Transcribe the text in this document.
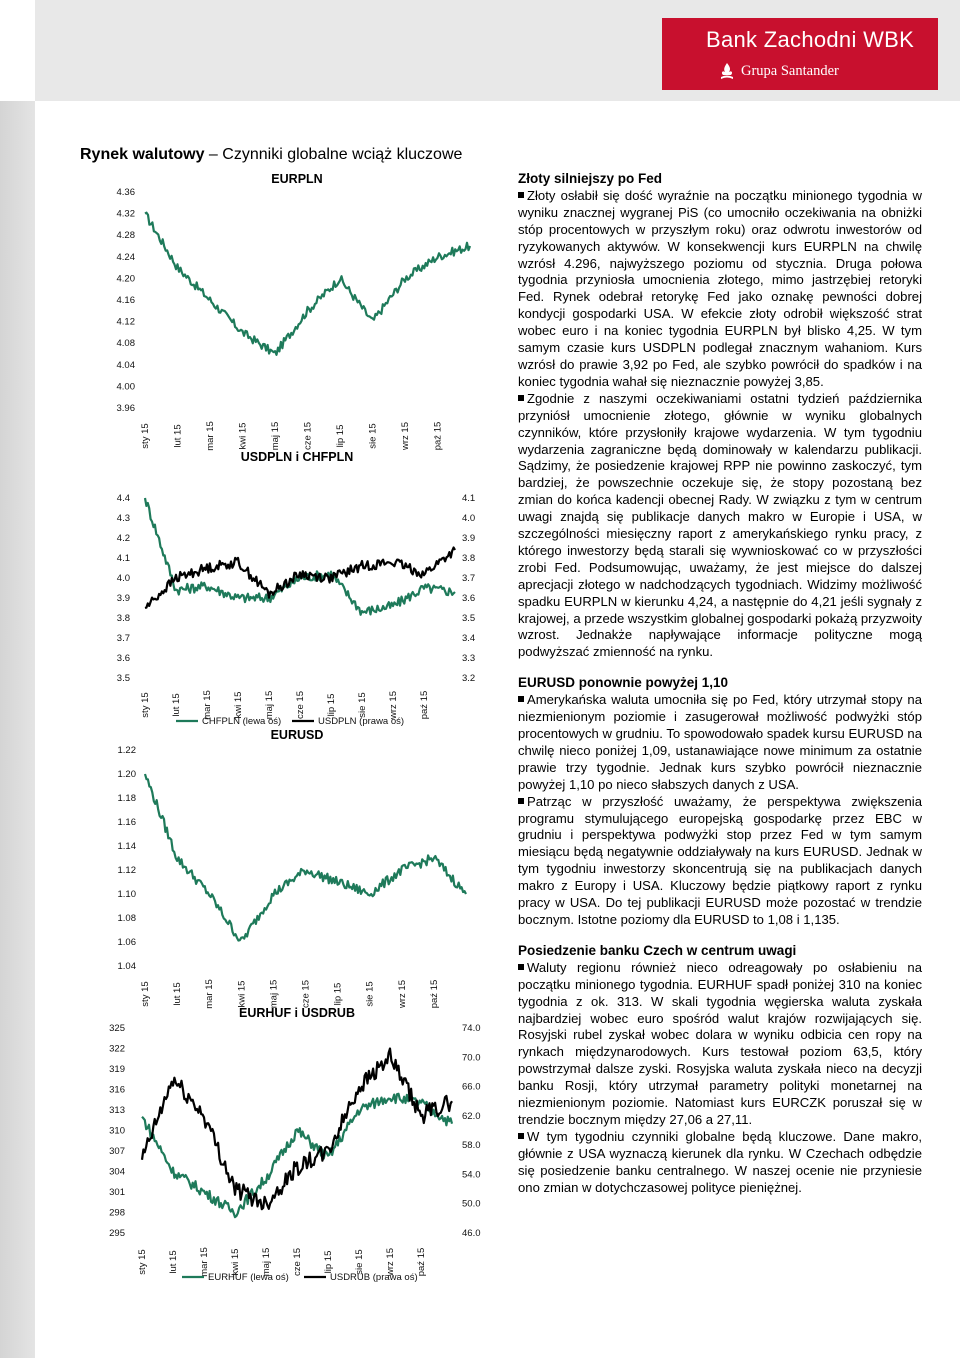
Bank Zachodni WBK
Grupa Santander
Rynek walutowy – Czynniki globalne wciąż kluczowe
EURPLN
4.36
4.32
4.28
4.24
4.20
4.16
4.12
4.08
4.04
4.00
3.96
sty 15 lut 15 mar 15 kwi 15 maj 15 cze 15 lip 15 sie 15 wrz 15 paź 15
USDPLN i CHFPLN
4.4
4.3
4.2
4.1
4.0
3.9
3.8
3.7
3.6
3.5
4.1
4.0
3.9
3.8
3.7
3.6
3.5
3.4
3.3
3.2
sty 15 lut 15 mar 15 kwi 15 maj 15 cze 15 lip 15 sie 15 wrz 15 paź 15
CHFPLN (lewa oś)	USDPLN (prawa oś)
EURUSD
1.22
1.20
1.18
1.16
1.14
1.12
1.10
1.08
1.06
1.04
sty 15 lut 15 mar 15 kwi 15 maj 15 cze 15 lip 15 sie 15 wrz 15 paź 15
EURHUF i USDRUB
325
322
319
316
313
310
307
304
301
298
295
74.0
70.0
66.0
62.0
58.0
54.0
50.0
46.0
sty 15 lut 15 mar 15 kwi 15 maj 15 cze 15 lip 15 sie 15 wrz 15 paź 15
EURHUF (lewa oś)	USDRUB (prawa oś)
Złoty silniejszy po Fed

Złoty osłabił się dość wyraźnie na początku minionego tygodnia w wyniku znacznej wygranej PiS (co umocniło oczekiwania na obniżki stóp procentowych w przyszłym roku) oraz odwrotu inwestorów od ryzykowanych aktywów. W konsekwencji kurs EURPLN na chwilę wzrósł 4.296, najwyższego poziomu od stycznia. Druga połowa tygodnia przyniosła umocnienia złotego, mimo jastrzębiej retoryki Fed. Rynek odebrał retorykę Fed jako oznakę pewności dobrej kondycji gospodarki USA. W efekcie złoty odrobił większość strat wobec euro i na koniec tygodnia EURPLN był blisko 4,25. W tym samym czasie kurs USDPLN podlegał znacznym wahaniom. Kurs wzrósł do prawie 3,92 po Fed, ale szybko powrócił do spadków i na koniec tygodnia wahał się nieznacznie powyżej 3,85.

Zgodnie z naszymi oczekiwaniami ostatni tydzień października przyniósł umocnienie złotego, głównie w wyniku globalnych czynników, które przysłoniły krajowe wydarzenia. W tym tygodniu wydarzenia zagraniczne będą dominowały w kalendarzu publikacji. Sądzimy, że posiedzenie krajowej RPP nie powinno zaskoczyć, tym bardziej, że powszechnie oczekuje się, że stopy pozostaną bez zmian do końca kadencji obecnej Rady. W związku z tym w centrum uwagi znajdą się publikacje danych makro w Europie i USA, w szczególności miesięczny raport z amerykańskiego rynku pracy, z którego inwestorzy będą starali się wywnioskować co w przyszłości zrobi Fed. Podsumowując, uważamy, że jest miejsce do dalszej aprecjacji złotego w nadchodzących tygodniach. Widzimy możliwość spadku EURPLN w kierunku 4,24, a następnie do 4,21 jeśli sygnały z krajowej, a przede wszystkim globalnej gospodarki pokażą przyzwoity wzrost. Jednakże napływające informacje polityczne mogą podwyższać zmienność na rynku.

EURUSD ponownie powyżej 1,10

Amerykańska waluta umocniła się po Fed, który utrzymał stopy na niezmienionym poziomie i zasugerował możliwość podwyżki stóp procentowych w grudniu. To spowodowało spadek kursu EURUSD na chwilę nieco poniżej 1,09, ustanawiające nowe minimum za ostatnie prawie trzy tygodnie. Jednak kurs szybko powrócił nieznacznie powyżej 1,10 po nieco słabszych danych z USA.

Patrząc w przyszłość uważamy, że perspektywa zwiększenia programu stymulującego europejską gospodarkę przez EBC w grudniu i perspektywa podwyżki stop przez Fed w tym samym miesiącu będą negatywnie oddziaływały na kurs EURUSD. Jednak w tym tygodniu inwestorzy skoncentrują się na publikacjach danych makro z Europy i USA. Kluczowy będzie piątkowy raport z rynku pracy w USA. Do tej publikacji EURUSD może pozostać w trendzie bocznym. Istotne poziomy dla EURUSD to 1,08 i 1,135.

Posiedzenie banku Czech w centrum uwagi

Waluty regionu również nieco odreagowały po osłabieniu na początku minionego tygodnia. EURHUF spadł poniżej 310 na koniec tygodnia z ok. 313. W skali tygodnia węgierska waluta zyskała najbardziej wobec euro spośród walut krajów rozwijających się. Rosyjski rubel zyskał wobec dolara w wyniku odbicia cen ropy na rynkach międzynarodowych. Kurs testował poziom 63,5, który powstrzymał dalsze zyski. Rosyjska waluta zyskała nieco na decyzji banku Rosji, który utrzymał parametry polityki monetarnej na niezmienionym poziomie. Natomiast kurs EURCZK poruszał się w trendzie bocznym między 27,06 a 27,11.

W tym tygodniu czynniki globalne będą kluczowe. Dane makro, głównie z USA wyznaczą kierunek dla rynku. W Czechach odbędzie się posiedzenie banku centralnego. W naszej ocenie nie przyniesie ono zmian w dotychczasowej polityce pieniężnej.
